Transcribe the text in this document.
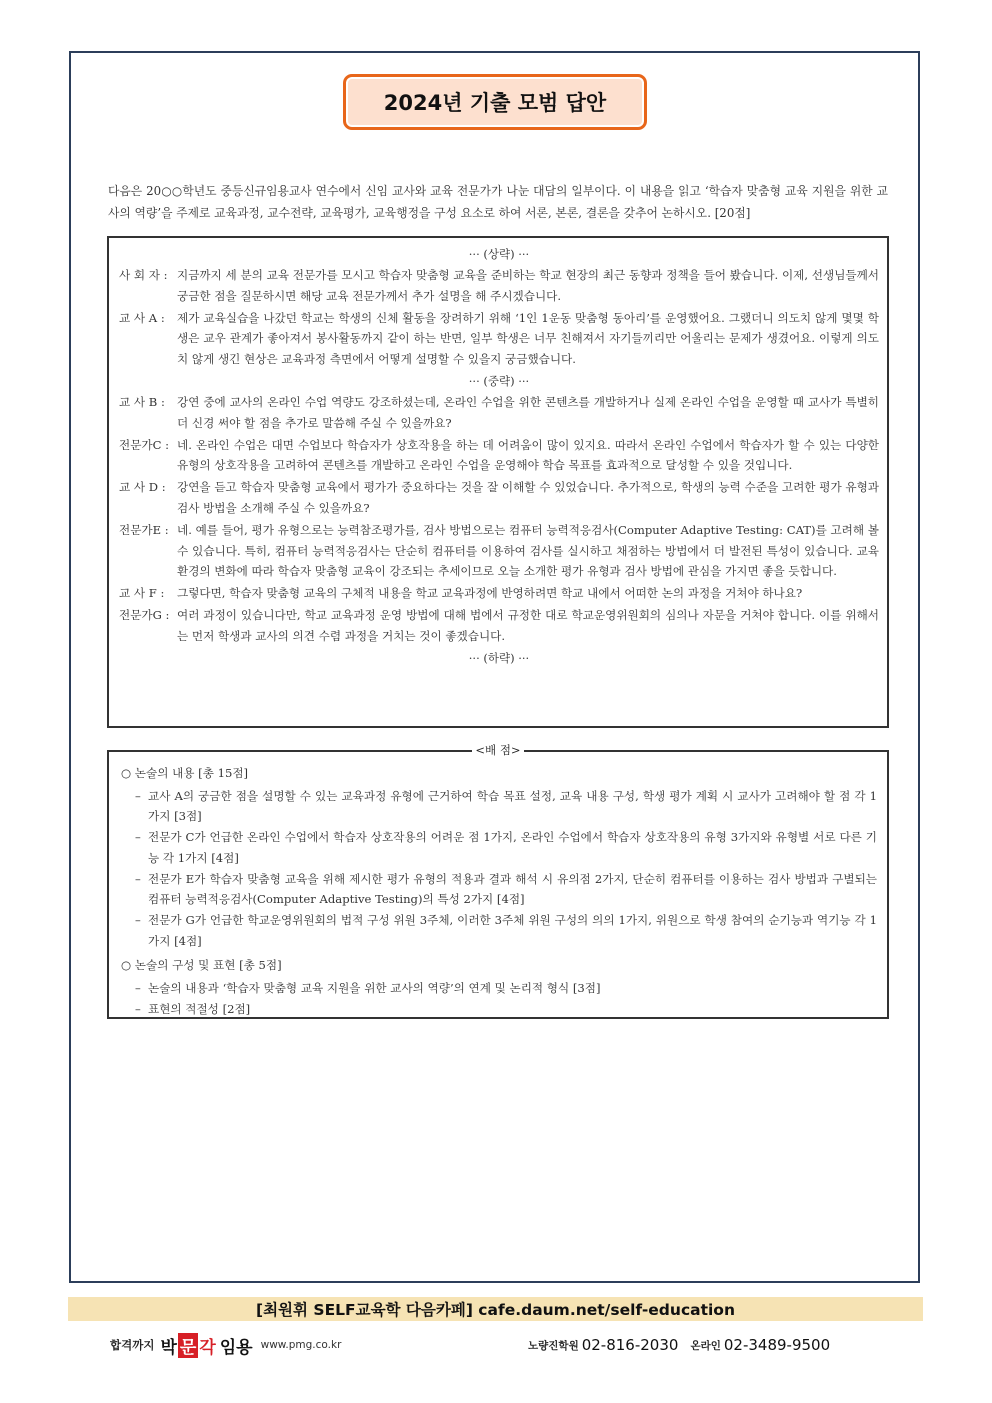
2024년 기출 모범 답안
다음은 20○○학년도 중등신규임용교사 연수에서 신임 교사와 교육 전문가가 나눈 대담의 일부이다. 이 내용을 읽고 ‘학습자 맞춤형 교육 지원을 위한 교사의 역량’을 주제로 교육과정, 교수전략, 교육평가, 교육행정을 구성 요소로 하여 서론, 본론, 결론을 갖추어 논하시오. [20점]
··· (상략) ···
사 회 자 : 지금까지 세 분의 교육 전문가를 모시고 학습자 맞춤형 교육을 준비하는 학교 현장의 최근 동향과 정책을 들어 봤습니다. 이제, 선생님들께서 궁금한 점을 질문하시면 해당 교육 전문가께서 추가 설명을 해 주시겠습니다.
교 사 A :	제가 교육실습을 나갔던 학교는 학생의 신체 활동을 장려하기 위해 ‘1인 1운동 맞춤형 동아리’를 운영했어요. 그랬더니 의도치 않게 몇몇 학생은 교우 관계가 좋아져서 봉사활동까지 같이 하는 반면, 일부 학생은 너무 친해져서 자기들끼리만 어울리는 문제가 생겼어요. 이렇게 의도치 않게 생긴 현상은 교육과정 측면에서 어떻게 설명할 수 있을지 궁금했습니다.
··· (중략) ···
교 사 B :	강연 중에 교사의 온라인 수업 역량도 강조하셨는데, 온라인 수업을 위한 콘텐츠를 개발하거나 실제 온라인 수업을 운영할 때 교사가 특별히 더 신경 써야 할 점을 추가로 말씀해 주실 수 있을까요?
전문가C : 네. 온라인 수업은 대면 수업보다 학습자가 상호작용을 하는 데 어려움이 많이 있지요. 따라서 온라인 수업에서 학습자가 할 수 있는 다양한 유형의 상호작용을 고려하여 콘텐츠를 개발하고 온라인 수업을 운영해야 학습 목표를 효과적으로 달성할 수 있을 것입니다.
교 사 D : 강연을 듣고 학습자 맞춤형 교육에서 평가가 중요하다는 것을 잘 이해할 수 있었습니다. 추가적으로, 학생의 능력 수준을 고려한 평가 유형과 검사 방법을 소개해 주실 수 있을까요?
전문가E : 네. 예를 들어, 평가 유형으로는 능력참조평가를, 검사 방법으로는 컴퓨터 능력적응검사(Computer Adaptive Testing: CAT)를 고려해 볼 수 있습니다. 특히, 컴퓨터 능력적응검사는 단순히 컴퓨터를 이용하여 검사를 실시하고 채점하는 방법에서 더 발전된 특성이 있습니다. 교육 환경의 변화에 따라 학습자 맞춤형 교육이 강조되는 추세이므로 오늘 소개한 평가 유형과 검사 방법에 관심을 가지면 좋을 듯합니다.
교 사 F :	그렇다면, 학습자 맞춤형 교육의 구체적 내용을 학교 교육과정에 반영하려면 학교 내에서 어떠한 논의 과정을 거쳐야 하나요?
전문가G : 여러 과정이 있습니다만, 학교 교육과정 운영 방법에 대해 법에서 규정한 대로 학교운영위원회의 심의나 자문을 거쳐야 합니다. 이를 위해서는 먼저 학생과 교사의 의견 수렴 과정을 거치는 것이 좋겠습니다.
··· (하략) ···
○ 논술의 내용 [총 15점]
– 교사 A의 궁금한 점을 설명할 수 있는 교육과정 유형에 근거하여 학습 목표 설정, 교육 내용 구성, 학생 평가 계획 시 교사가 고려해야 할 점 각 1가지 [3점]
– 전문가 C가 언급한 온라인 수업에서 학습자 상호작용의 어려운 점 1가지, 온라인 수업에서 학습자 상호작용의 유형 3가지와 유형별 서로 다른 기능 각 1가지 [4점]
– 전문가 E가 학습자 맞춤형 교육을 위해 제시한 평가 유형의 적용과 결과 해석 시 유의점 2가지, 단순히 컴퓨터를 이용하는 검사 방법과 구별되는 컴퓨터 능력적응검사(Computer Adaptive Testing)의 특성 2가지 [4점]
– 전문가 G가 언급한 학교운영위원회의 법적 구성 위원 3주체, 이러한 3주체 위원 구성의 의의 1가지, 위원으로 학생 참여의 순기능과 역기능 각 1가지 [4점]
○ 논술의 구성 및 표현 [총 5점]
– 논술의 내용과 ‘학습자 맞춤형 교육 지원을 위한 교사의 역량’의 연계 및 논리적 형식 [3점]
– 표현의 적절성 [2점]
<배 점>
[최원휘 SELF교육학 다음카페] cafe.daum.net/self-education
합격까지 박 문 각 임용 www.pmg.co.kr	노량진학원 02-816-2030 온라인 02-3489-9500
